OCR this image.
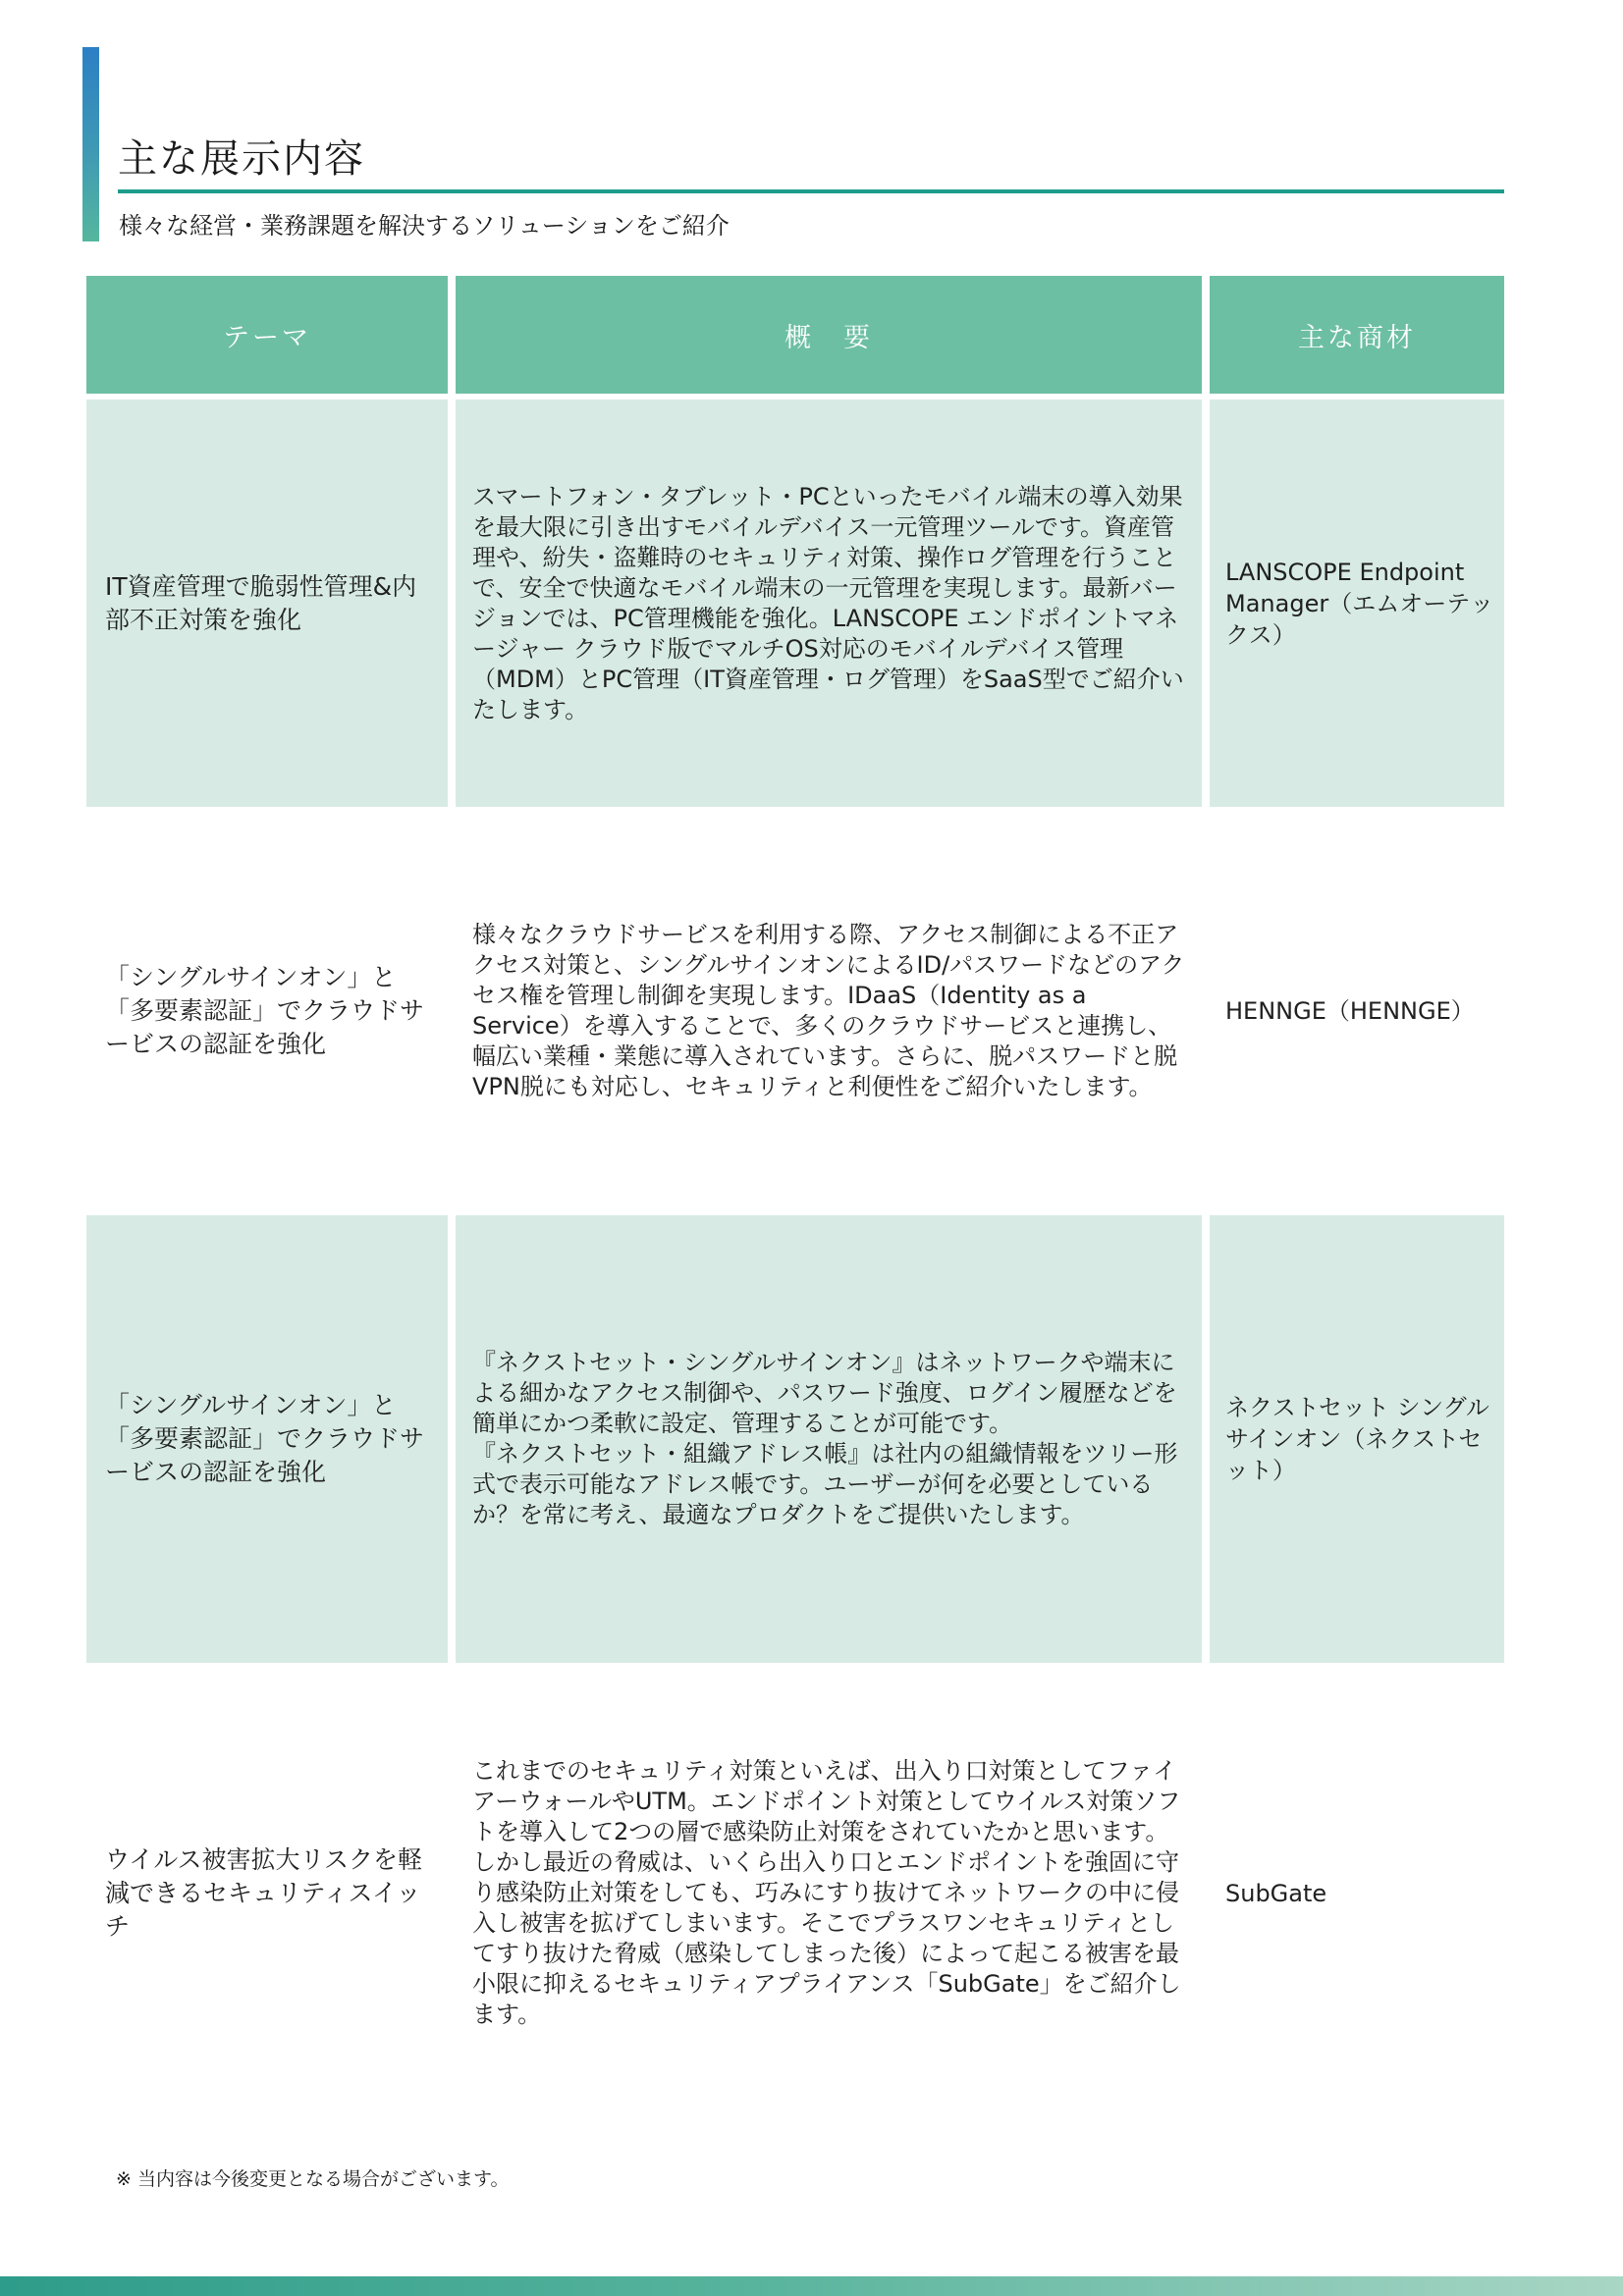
主な展示内容

様々な経営・業務課題を解決するソリューションをご紹介

テーマ	概　要	主な商材
IT資産管理で脆弱性管理&内部不正対策を強化

スマートフォン・タブレット・PCといったモバイル端末の導入効果を最大限に引き出すモバイルデバイス一元管理ツールです。資産管理や、紛失・盗難時のセキュリティ対策、操作ログ管理を行うことで、安全で快適なモバイル端末の一元管理を実現します。最新バージョンでは、PC管理機能を強化。LANSCOPE エンドポイントマネージャー クラウド版でマルチOS対応のモバイルデバイス管理（MDM）とPC管理（IT資産管理・ログ管理）をSaaS型でご紹介いたします。

LANSCOPE Endpoint Manager（エムオーテックス）
「シングルサインオン」と「多要素認証」でクラウドサービスの認証を強化

様々なクラウドサービスを利用する際、アクセス制御による不正アクセス対策と、シングルサインオンによるID/パスワードなどのアクセス権を管理し制御を実現します。IDaaS（Identity as a Service）を導入することで、多くのクラウドサービスと連携し、幅広い業種・業態に導入されています。さらに、脱パスワードと脱VPN脱にも対応し、セキュリティと利便性をご紹介いたします。

HENNGE（HENNGE）
「シングルサインオン」と「多要素認証」でクラウドサービスの認証を強化

『ネクストセット・シングルサインオン』はネットワークや端末による細かなアクセス制御や、パスワード強度、ログイン履歴などを簡単にかつ柔軟に設定、管理することが可能です。

『ネクストセット・組織アドレス帳』は社内の組織情報をツリー形式で表示可能なアドレス帳です。ユーザーが何を必要としているか？を常に考え、最適なプロダクトをご提供いたします。

ネクストセット シングルサインオン（ネクストセット）
ウイルス被害拡大リスクを軽減できるセキュリティスイッチ

これまでのセキュリティ対策といえば、出入り口対策としてファイアーウォールやUTM。エンドポイント対策としてウイルス対策ソフトを導入して2つの層で感染防止対策をされていたかと思います。

しかし最近の脅威は、いくら出入り口とエンドポイントを強固に守り感染防止対策をしても、巧みにすり抜けてネットワークの中に侵入し被害を拡げてしまいます。そこでプラスワンセキュリティとしてすり抜けた脅威（感染してしまった後）によって起こる被害を最小限に抑えるセキュリティアプライアンス「SubGate」をご紹介します。

SubGate

※ 当内容は今後変更となる場合がございます。
